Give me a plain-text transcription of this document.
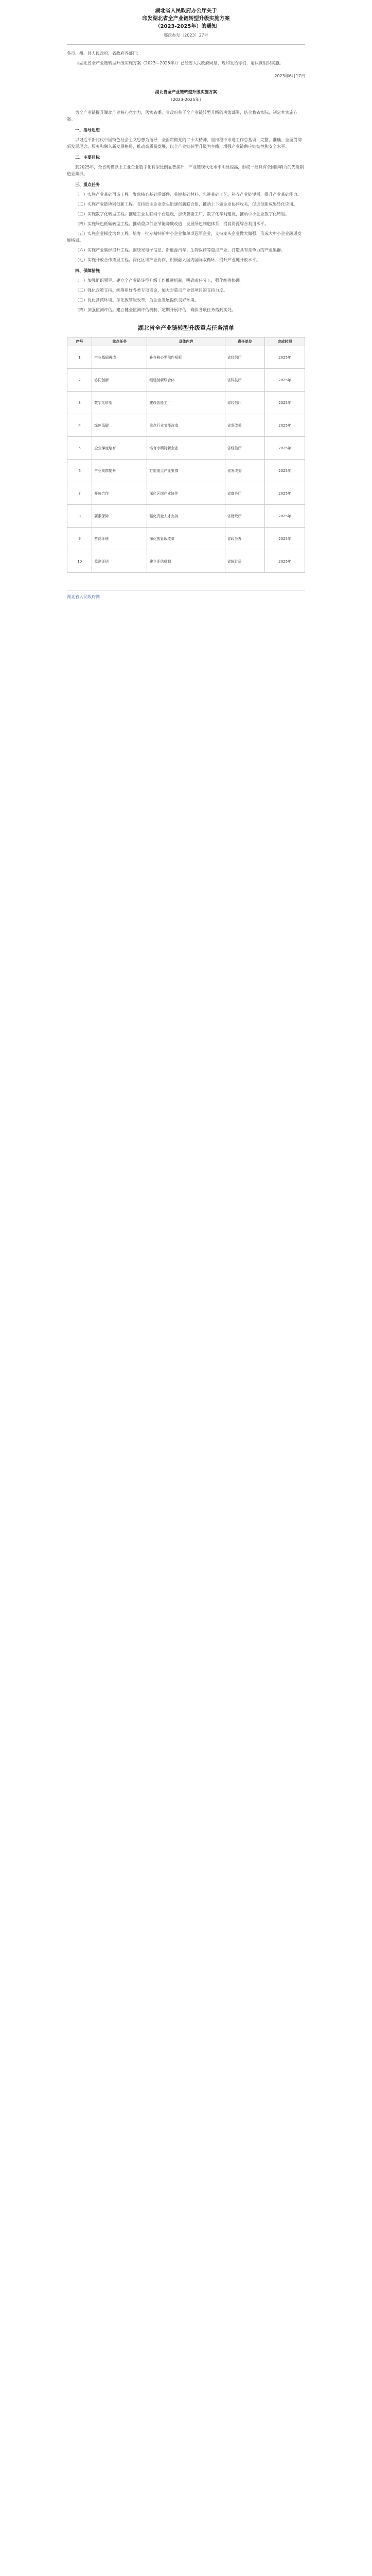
湖北省人民政府办公厅关于
印发湖北省全产业链转型升级实施方案
（2023-2025年）的通知
鄂政办发〔2023〕27号

各市、州、县人民政府，省政府各部门：

《湖北省全产业链转型升级实施方案（2023—2025年）》已经省人民政府同意，现印发给你们，请认真组织实施。

2023年6月17日

湖北省全产业链转型升级实施方案
（2023-2025年）

为全产业链提升湖北产业核心竞争力，落实省委、省政府关于全产业链转型升级的决策部署，结合我省实际，制定本实施方案。

一、指导思想

以习近平新时代中国特色社会主义思想为指导，全面贯彻党的二十大精神，坚持稳中求进工作总基调，完整、准确、全面贯彻新发展理念，服务和融入新发展格局，推动高质量发展，以全产业链转型升级为主线，增强产业链供应链韧性和安全水平。

二、主要目标

到2025年，全省规模以上工业企业数字化转型比例显著提升，产业链现代化水平明显提高，形成一批具有全国影响力的先进制造业集群。

三、重点任务

（一）实施产业基础再造工程。聚焦核心基础零部件、关键基础材料、先进基础工艺，补齐产业链短板，提升产业基础能力。

（二）实施产业链协同创新工程。支持链主企业牵头组建创新联合体，推动上下游企业协同攻关，促进创新成果转化应用。

（三）实施数字化转型工程。推进工业互联网平台建设，加快智能工厂、数字化车间建设，推动中小企业数字化转型。

（四）实施绿色低碳转型工程。推动重点行业节能降碳改造，发展绿色制造体系，提高资源综合利用水平。

（五）实施企业梯度培育工程。培育一批专精特新中小企业和单项冠军企业，支持龙头企业做大做强，形成大中小企业融通发展格局。

（六）实施产业集群提升工程。围绕光电子信息、新能源汽车、生物医药等重点产业，打造具有竞争力的产业集群。

（七）实施开放合作拓展工程。深化区域产业协作，积极融入国内国际双循环，提升产业链开放水平。

四、保障措施

（一）加强组织领导。建立全产业链转型升级工作推进机制，明确责任分工，强化统筹协调。

（二）强化政策支持。统筹用好各类专项资金，加大对重点产业链项目的支持力度。

（三）优化营商环境。深化放管服改革，为企业发展提供良好环境。

（四）加强监测评估。建立健全监测评估机制，定期开展评估，确保各项任务落到实处。

湖北省全产业链转型升级重点任务清单
序号	重点任务	具体内容	责任单位	完成时限
1	产业基础再造	补齐核心零部件短板	省经信厅	2025年
2	协同创新	组建创新联合体	省科技厅	2025年
3	数字化转型	建设智能工厂	省经信厅	2025年
4	绿色低碳	重点行业节能改造	省发改委	2025年
5	企业梯度培育	培育专精特新企业	省经信厅	2025年
6	产业集群提升	打造重点产业集群	省发改委	2025年
7	开放合作	深化区域产业协作	省商务厅	2025年
8	要素保障	强化资金人才支持	省财政厅	2025年
9	营商环境	深化放管服改革	省政务办	2025年
10	监测评估	建立评估机制	省统计局	2025年
湖北省人民政府网
